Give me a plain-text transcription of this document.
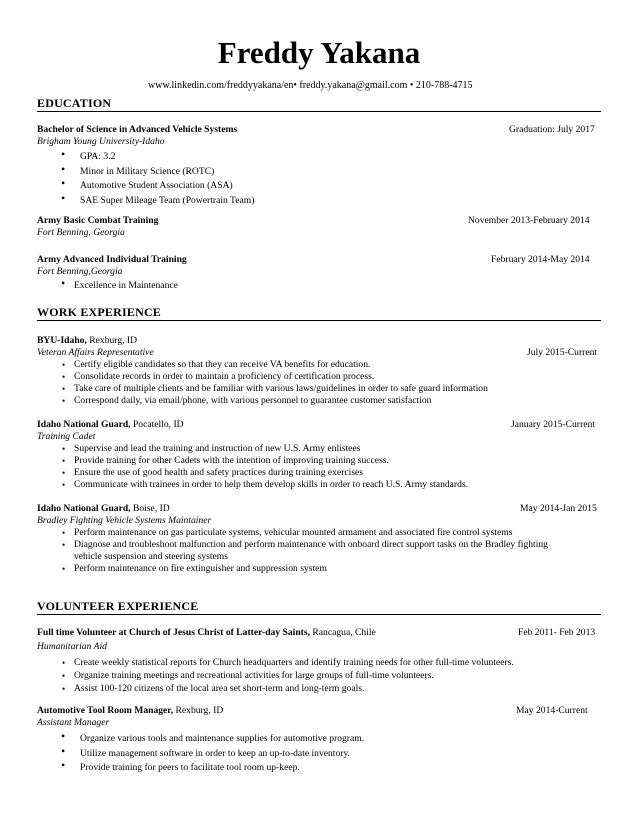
Freddy Yakana
www.linkedin.com/freddyyakana/en• freddy.yakana@gmail.com • 210-788-4715
EDUCATION
Bachelor of Science in Advanced Vehicle Systems	Graduation: July 2017
Brigham Young University-Idaho
• GPA: 3.2
• Minor in Military Science (ROTC)
• Automotive Student Association (ASA)
• SAE Super Mileage Team (Powertrain Team)
Army Basic Combat Training	November 2013-February 2014
Fort Benning, Georgia
Army Advanced Individual Training	February 2014-May 2014
Fort Benning,Georgia
• Excellence in Maintenance
WORK EXPERIENCE
BYU-Idaho, Rexburg, ID
Veteran Affairs Representative	July 2015-Current
• Certify eligible candidates so that they can receive VA benefits for education.
• Consolidate records in order to maintain a proficiency of certification process.
• Take care of multiple clients and be familiar with various laws/guidelines in order to safe guard information
• Correspond daily, via email/phone, with various personnel to guarantee customer satisfaction
Idaho National Guard, Pocatello, ID	January 2015-Current
Training Cadet
• Supervise and lead the training and instruction of new U.S. Army enlistees
• Provide training for other Cadets with the intention of improving training success.
• Ensure the use of good health and safety practices during training exercises
• Communicate with trainees in order to help them develop skills in order to reach U.S. Army standards.
Idaho National Guard, Boise, ID	May 2014-Jan 2015
Bradley Fighting Vehicle Systems Maintainer
• Perform maintenance on gas particulate systems, vehicular mounted armament and associated fire control systems
• Diagnose and troubleshoot malfunction and perform maintenance with onboard direct support tasks on the Bradley fighting
vehicle suspension and steering systems
• Perform maintenance on fire extinguisher and suppression system
VOLUNTEER EXPERIENCE
Full time Volunteer at Church of Jesus Christ of Latter-day Saints, Rancagua, Chile	Feb 2011- Feb 2013
Humanitarian Aid
• Create weekly statistical reports for Church headquarters and identify training needs for other full-time volunteers.
• Organize training meetings and recreational activities for large groups of full-time volunteers.
• Assist 100-120 citizens of the local area set short-term and long-term goals.
Automotive Tool Room Manager, Rexburg, ID	May 2014-Current
Assistant Manager
• Organize various tools and maintenance supplies for automotive program.
• Utilize management software in order to keep an up-to-date inventory.
• Provide training for peers to facilitate tool room up-keep.
